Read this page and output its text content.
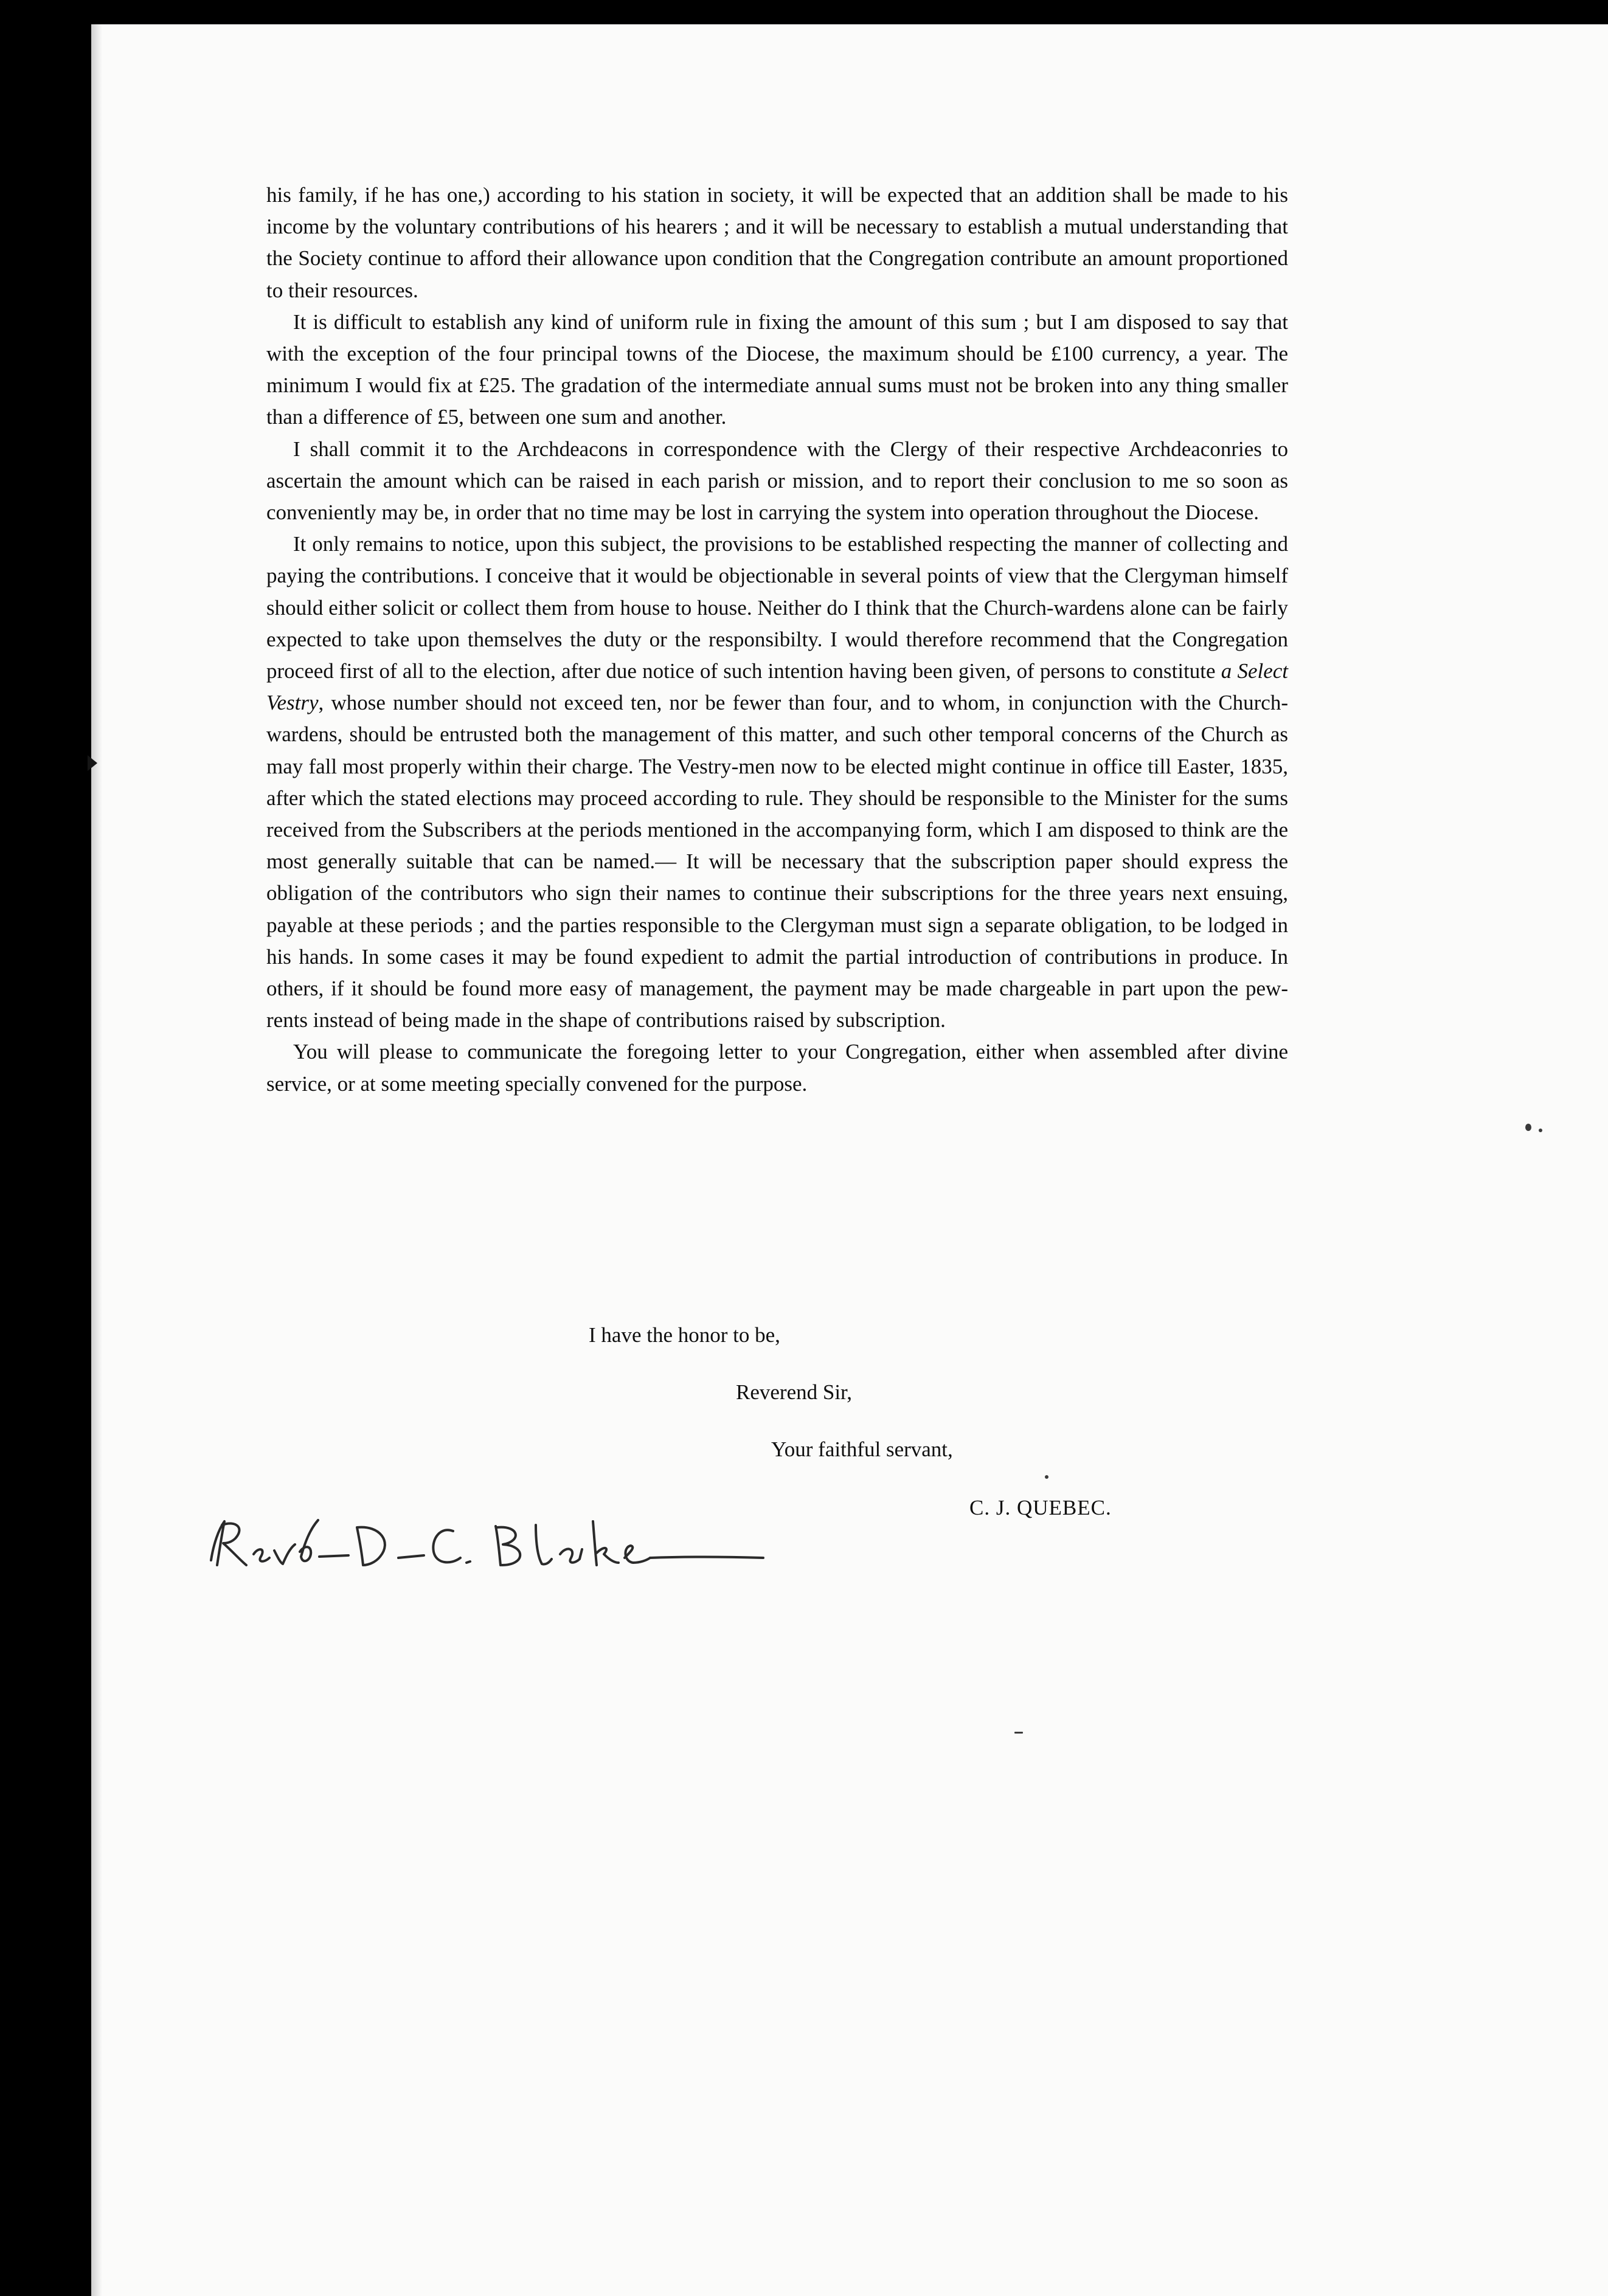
his family, if he has one,) according to his station in society, it will be expected that an addition shall be made to his income by the voluntary contributions of his hearers ; and it will be necessary to establish a mutual understanding that the Society continue to afford their allowance upon condition that the Congregation contribute an amount proportioned to their resources.

It is difficult to establish any kind of uniform rule in fixing the amount of this sum ; but I am disposed to say that with the exception of the four principal towns of the Diocese, the maximum should be £100 currency, a year. The minimum I would fix at £25. The gradation of the intermediate annual sums must not be broken into any thing smaller than a difference of £5, between one sum and another.

I shall commit it to the Archdeacons in correspondence with the Clergy of their respective Archdeaconries to ascertain the amount which can be raised in each parish or mission, and to report their conclusion to me so soon as conveniently may be, in order that no time may be lost in carrying the system into operation throughout the Diocese.

It only remains to notice, upon this subject, the provisions to be established respecting the manner of collecting and paying the contributions. I conceive that it would be objectionable in several points of view that the Clergyman himself should either solicit or collect them from house to house. Neither do I think that the Church-wardens alone can be fairly expected to take upon themselves the duty or the responsibilty. I would therefore recommend that the Congregation proceed first of all to the election, after due notice of such intention having been given, of persons to constitute a Select Vestry, whose number should not exceed ten, nor be fewer than four, and to whom, in conjunction with the Church-wardens, should be entrusted both the management of this matter, and such other temporal concerns of the Church as may fall most properly within their charge. The Vestry-men now to be elected might continue in office till Easter, 1835, after which the stated elections may proceed according to rule. They should be responsible to the Minister for the sums received from the Subscribers at the periods mentioned in the accompanying form, which I am disposed to think are the most generally suitable that can be named.— It will be necessary that the subscription paper should express the obligation of the contributors who sign their names to continue their subscriptions for the three years next ensuing, payable at these periods ; and the parties responsible to the Clergyman must sign a separate obligation, to be lodged in his hands. In some cases it may be found expedient to admit the partial introduction of contributions in produce. In others, if it should be found more easy of management, the payment may be made chargeable in part upon the pew-rents instead of being made in the shape of contributions raised by subscription.

You will please to communicate the foregoing letter to your Congregation, either when assembled after divine service, or at some meeting specially convened for the purpose.

I have the honor to be,
Reverend Sir,
Your faithful servant,
C. J. QUEBEC.
